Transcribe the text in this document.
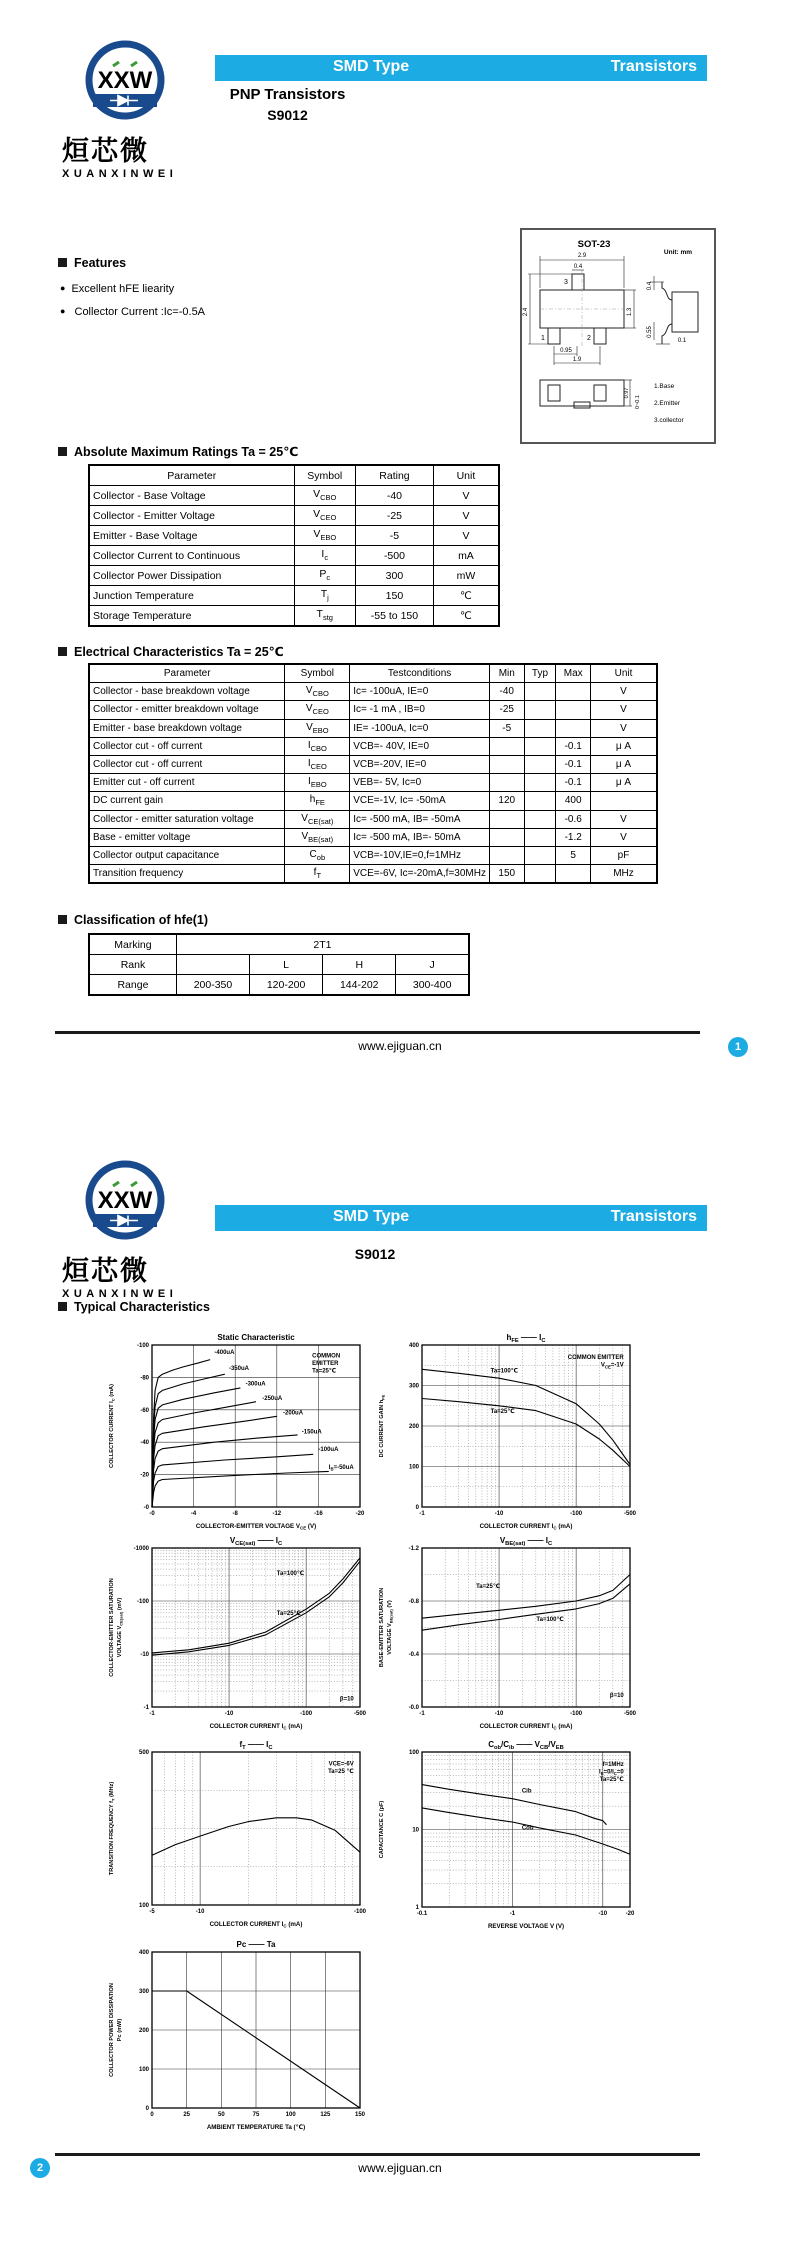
XXW
烜芯微
XUANXINWEI
SMD Type	Transistors
PNP Transistors
S9012
Features
● Excellent hFE liearity
● Collector Current :Ic=-0.5A
SOT-23
Unit: mm
2.9
0.4
2.4	1.3
0.95
1.9
3
1	2
0.4
0.55
0.1
0.97
0~0.1
1.Base
2.Emitter
3.collector
Absolute Maximum Ratings Ta = 25℃
Parameter	Symbol	Rating	Unit
Collector - Base Voltage	$V_{CBO}$	-40	V
Collector - Emitter Voltage	$V_{CEO}$	-25	V
Emitter - Base Voltage	$V_{EBO}$	-5	V
Collector Current to Continuous	$I_c$	-500	mA
Collector Power Dissipation	$P_c$	300	mW
Junction Temperature	$T_j$	150	℃
Storage Temperature	$T_{stg}$	-55 to 150	℃
Electrical Characteristics Ta = 25℃
Parameter	Symbol	Testconditions	Min	Typ	Max	Unit
Collector - base breakdown voltage	$V_{CBO}$	Ic= -100uA, IE=0	-40			V
Collector - emitter breakdown voltage	$V_{CEO}$	Ic= -1 mA , IB=0	-25			V
Emitter - base breakdown voltage	$V_{EBO}$	IE= -100uA, Ic=0	-5			V
Collector cut - off current	$I_{CBO}$	VCB=- 40V, IE=0			-0.1	μ A
Collector cut - off current	$I_{CEO}$	VCB=-20V, IE=0			-0.1	μ A
Emitter cut - off current	$I_{EBO}$	VEB=- 5V, Ic=0			-0.1	μ A
DC current gain	$h_{FE}$	VCE=-1V, Ic= -50mA	120		400	
Collector - emitter saturation voltage	$V_{CE(sat)}$	Ic= -500 mA, IB= -50mA			-0.6	V
Base - emitter voltage	$V_{BE(sat)}$	Ic= -500 mA, IB=- 50mA			-1.2	V
Collector output capacitance	$C_{ob}$	VCB=-10V,IE=0,f=1MHz			5	pF
Transition frequency	$f_T$	VCE=-6V, Ic=-20mA,f=30MHz	150			MHz
Classification of hfe(1)
Marking	2T1			
Rank		L	H	J
Range	200-350	120-200	144-202	300-400
www.ejiguan.cn	1
XXW
烜芯微
XUANXINWEI
SMD Type	Transistors
S9012
Typical Characteristics
-0	-4	-8	-12	-16	-20
-0
-20
-40
-60
-80
-100
Static Characteristic
COLLECTOR-EMITTER VOLTAGE $V_{CE}$ (V)
COLLECTOR CURRENT $I_C$ (mA)
-400uA
-350uA
-300uA
-250uA
-200uA
-150uA
-100uA
$I_B=-50uA$
COMMON
EMITTER
Ta=25℃
-1	-10	-100	-500
0
100
200
300
400
$h_{FE}$ —— $I_C$
COLLECTOR CURRENT $I_C$ (mA)
DC CURRENT GAIN $h_{FE}$
Ta=100℃
Ta=25℃
COMMON EMITTER
$V_{CE}=-1V$
-1	-10	-100	-500
-1
-10
-100
-1000
$V_{CE(sat)}$ —— $I_C$
COLLECTOR CURRENT $I_C$ (mA)
COLLECTOR-EMITTER SATURATION VOLTAGE $V_{CE(sat)}$ (mV)
Ta=100℃
Ta=25℃
β=10
-1	-10	-100	-500
-0.0
-0.4
-0.8
-1.2
$V_{BE(sat)}$ —— $I_C$
COLLECTOR CURRENT $I_C$ (mA)
BASE-EMITTER SATURATION VOLTAGE $V_{BE(sat)}$ (V)
Ta=25℃
Ta=100℃
β=10
-5	-10	-100
100
500
$f_T$ —— $I_C$
COLLECTOR CURRENT $I_C$ (mA)
TRANSITION FREQUENCY $f_T$ (MHz)
VCE=-6V
Ta=25 ℃
-0.1	-1	-10	-20
1
10
100
$C_{ob}/C_{ib}$ —— $V_{CB}/V_{EB}$
REVERSE VOLTAGE V (V)
CAPACITANCE C (pF)
Cib
Cob
f=1MHz
$I_E=0/I_C=0$
Ta=25℃
0	25	50	75	100	125	150
0
100
200
300
400
Pc —— Ta
AMBIENT TEMPERATURE Ta (℃)
COLLECTOR POWER DISSIPATION Pc (mW)
www.ejiguan.cn
2
